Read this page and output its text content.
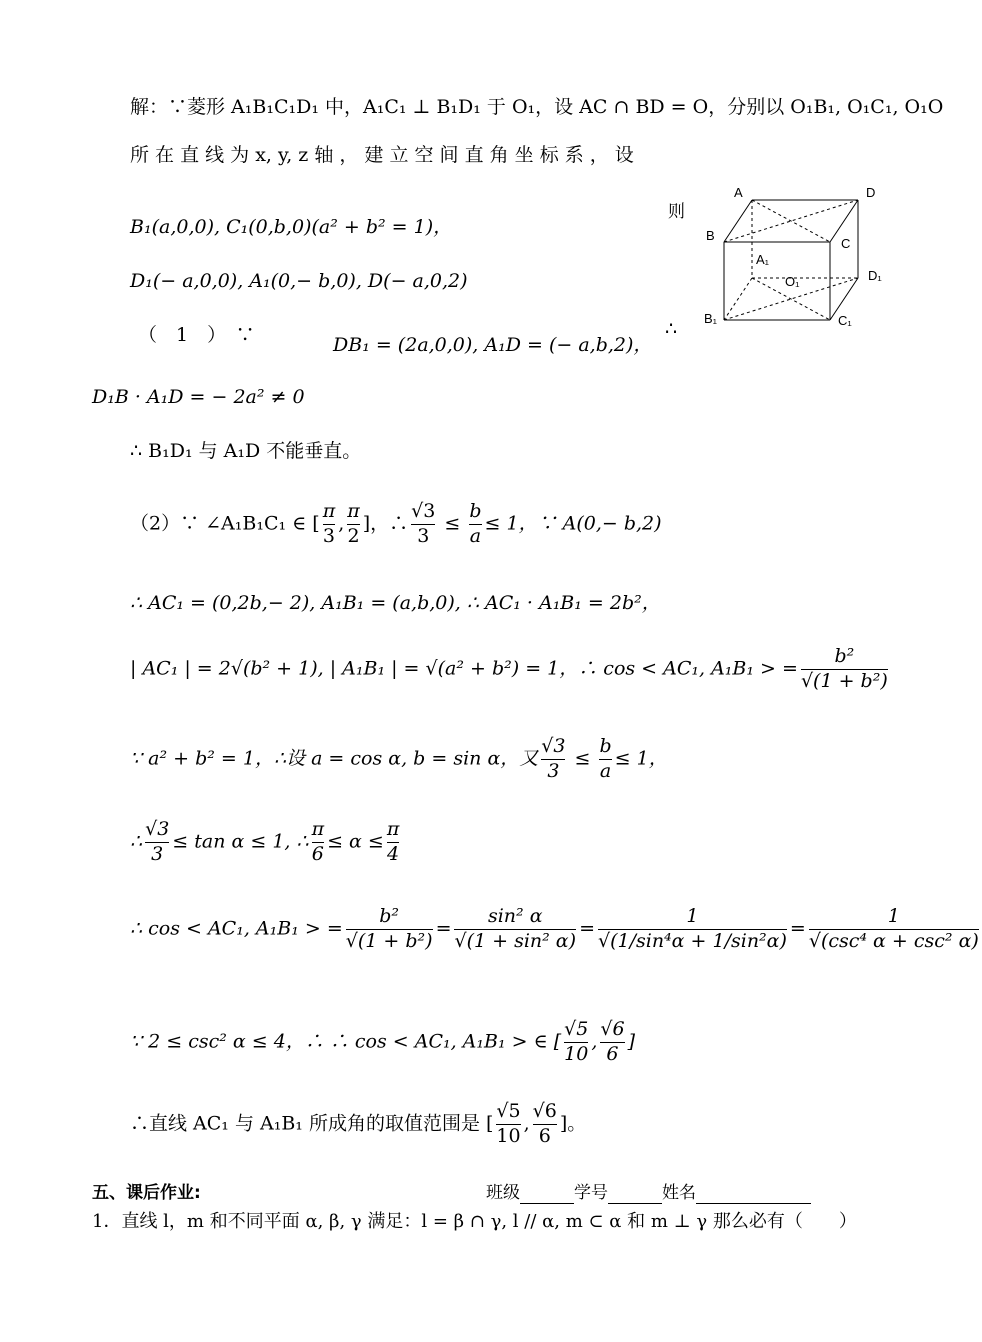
解：∵菱形 A₁B₁C₁D₁ 中，A₁C₁ ⊥ B₁D₁ 于 O₁，设 AC ∩ BD = O，分别以 O₁B₁, O₁C₁, O₁O
所 在 直 线 为 x, y, z 轴 ， 建 立 空 间 直 角 坐 标 系 ， 设
则
B₁(a,0,0), C₁(0,b,0)(a² + b² = 1)，
D₁(− a,0,0), A₁(0,− b,0), D(− a,0,2)
（　1　）　∵	DB₁ = (2a,0,0), A₁D = (− a,b,2)，
∴
D₁B · A₁D = − 2a² ≠ 0
∴ B₁D₁ 与 A₁D 不能垂直。
（2）∵ ∠A₁B₁C₁ ∈ [ $\frac{\pi}{3}$ , $\frac{\pi}{2}$ ]，∴ $\frac{√3}{3} \le \frac{b}{a} \le 1$，∵ A(0,− b,2)
∴ AC₁ = (0,2b,− 2), A₁B₁ = (a,b,0), ∴ AC₁ · A₁B₁ = 2b²，
| AC₁ | = 2√(b² + 1), | A₁B₁ | = √(a² + b²) = 1，∴ cos < AC₁, A₁B₁ > = $\frac{\text{b²}}{\text{√(1 + b²)}}$
∵ a² + b² = 1，∴设 a = cos α, b = sin α，又 $\frac{√3}{3} \le \frac{b}{a} \le 1$，
∴ $\frac{√3}{3} \le \tan \alpha \le 1$, ∴ $\frac{\pi}{6} \le \alpha \le \frac{\pi}{4}$
∴ cos < AC₁, A₁B₁ > = $\frac{\text{b²}}{\text{√(1 + b²)}} = \frac{\text{sin² α}}{\text{√(1 + sin² α)}} = \frac{1}{\text{√(1/sin⁴α + 1/sin²α)}} = \frac{1}{\text{√(csc⁴ α + csc² α)}}$
∵ 2 ≤ csc² α ≤ 4，∴ ∴ cos < AC₁, A₁B₁ > ∈ [ $\frac{√5}{10}$ , $\frac{√6}{6}$ ]
∴直线 AC₁ 与 A₁B₁ 所成角的取值范围是 [ $\frac{√5}{10}$ , $\frac{√6}{6}$ ]。
五、课后作业:	班级	学号	姓名
1．直线 l，m 和不同平面 α, β, γ 满足：l = β ∩ γ, l // α, m ⊂ α 和 m ⊥ γ 那么必有（　　）
A	D
B
C
A₁
O₁	D₁
B₁	C₁
